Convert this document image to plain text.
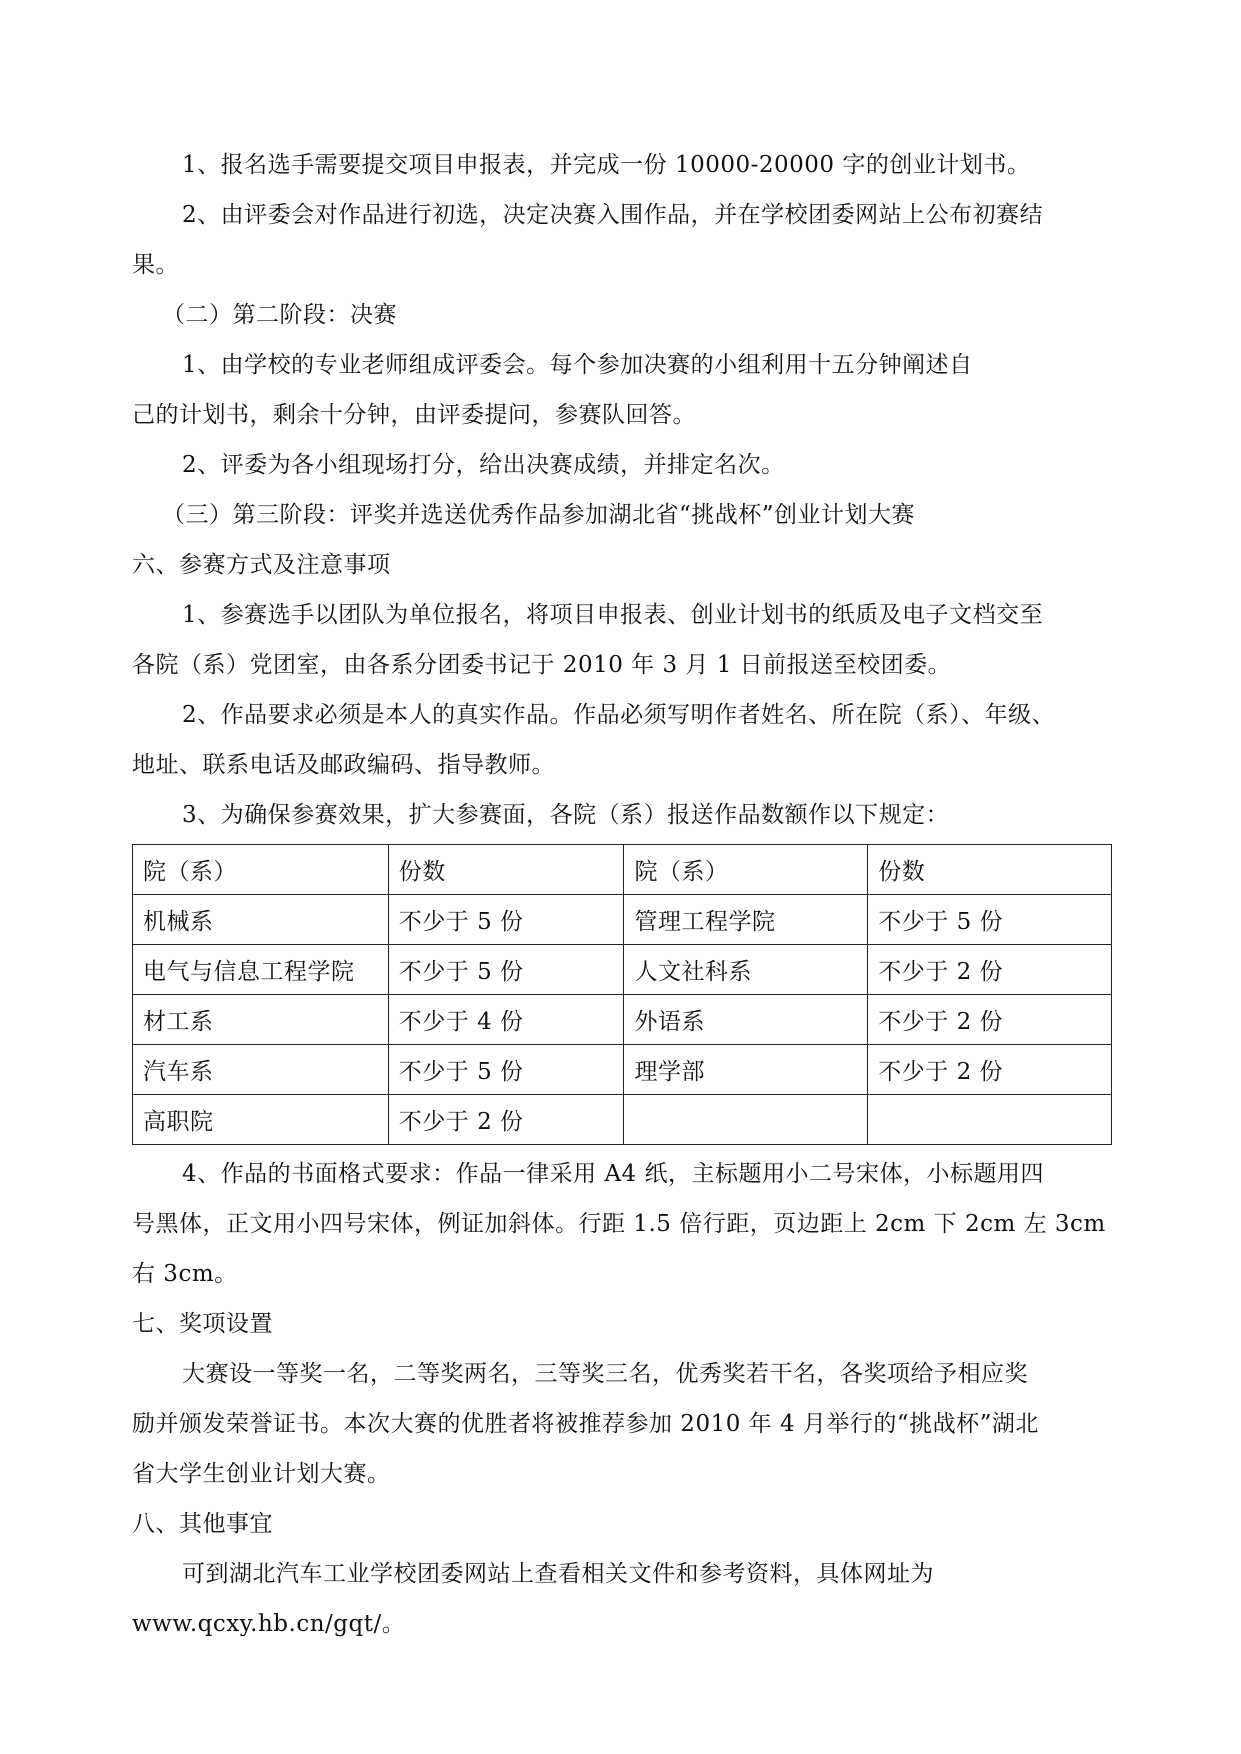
1、报名选手需要提交项目申报表，并完成一份 10000-20000 字的创业计划书。

2、由评委会对作品进行初选，决定决赛入围作品，并在学校团委网站上公布初赛结

果。

（二）第二阶段：决赛

1、由学校的专业老师组成评委会。每个参加决赛的小组利用十五分钟阐述自

己的计划书，剩余十分钟，由评委提问，参赛队回答。

2、评委为各小组现场打分，给出决赛成绩，并排定名次。

（三）第三阶段：评奖并选送优秀作品参加湖北省“挑战杯”创业计划大赛

六、参赛方式及注意事项

1、参赛选手以团队为单位报名，将项目申报表、创业计划书的纸质及电子文档交至

各院（系）党团室，由各系分团委书记于 2010 年 3 月 1 日前报送至校团委。

2、作品要求必须是本人的真实作品。作品必须写明作者姓名、所在院（系）、年级、

地址、联系电话及邮政编码、指导教师。

3、为确保参赛效果，扩大参赛面，各院（系）报送作品数额作以下规定：

院（系）	份数	院（系）	份数
机械系	不少于 5 份	管理工程学院	不少于 5 份
电气与信息工程学院	不少于 5 份	人文社科系	不少于 2 份
材工系	不少于 4 份	外语系	不少于 2 份
汽车系	不少于 5 份	理学部	不少于 2 份
高职院	不少于 2 份		

4、作品的书面格式要求：作品一律采用 A4 纸，主标题用小二号宋体，小标题用四

号黑体，正文用小四号宋体，例证加斜体。行距 1.5 倍行距，页边距上 2cm 下 2cm 左 3cm

右 3cm。

七、奖项设置

大赛设一等奖一名，二等奖两名，三等奖三名，优秀奖若干名，各奖项给予相应奖

励并颁发荣誉证书。本次大赛的优胜者将被推荐参加 2010 年 4 月举行的“挑战杯”湖北

省大学生创业计划大赛。

八、其他事宜

可到湖北汽车工业学校团委网站上查看相关文件和参考资料，具体网址为

www.qcxy.hb.cn/gqt/。
